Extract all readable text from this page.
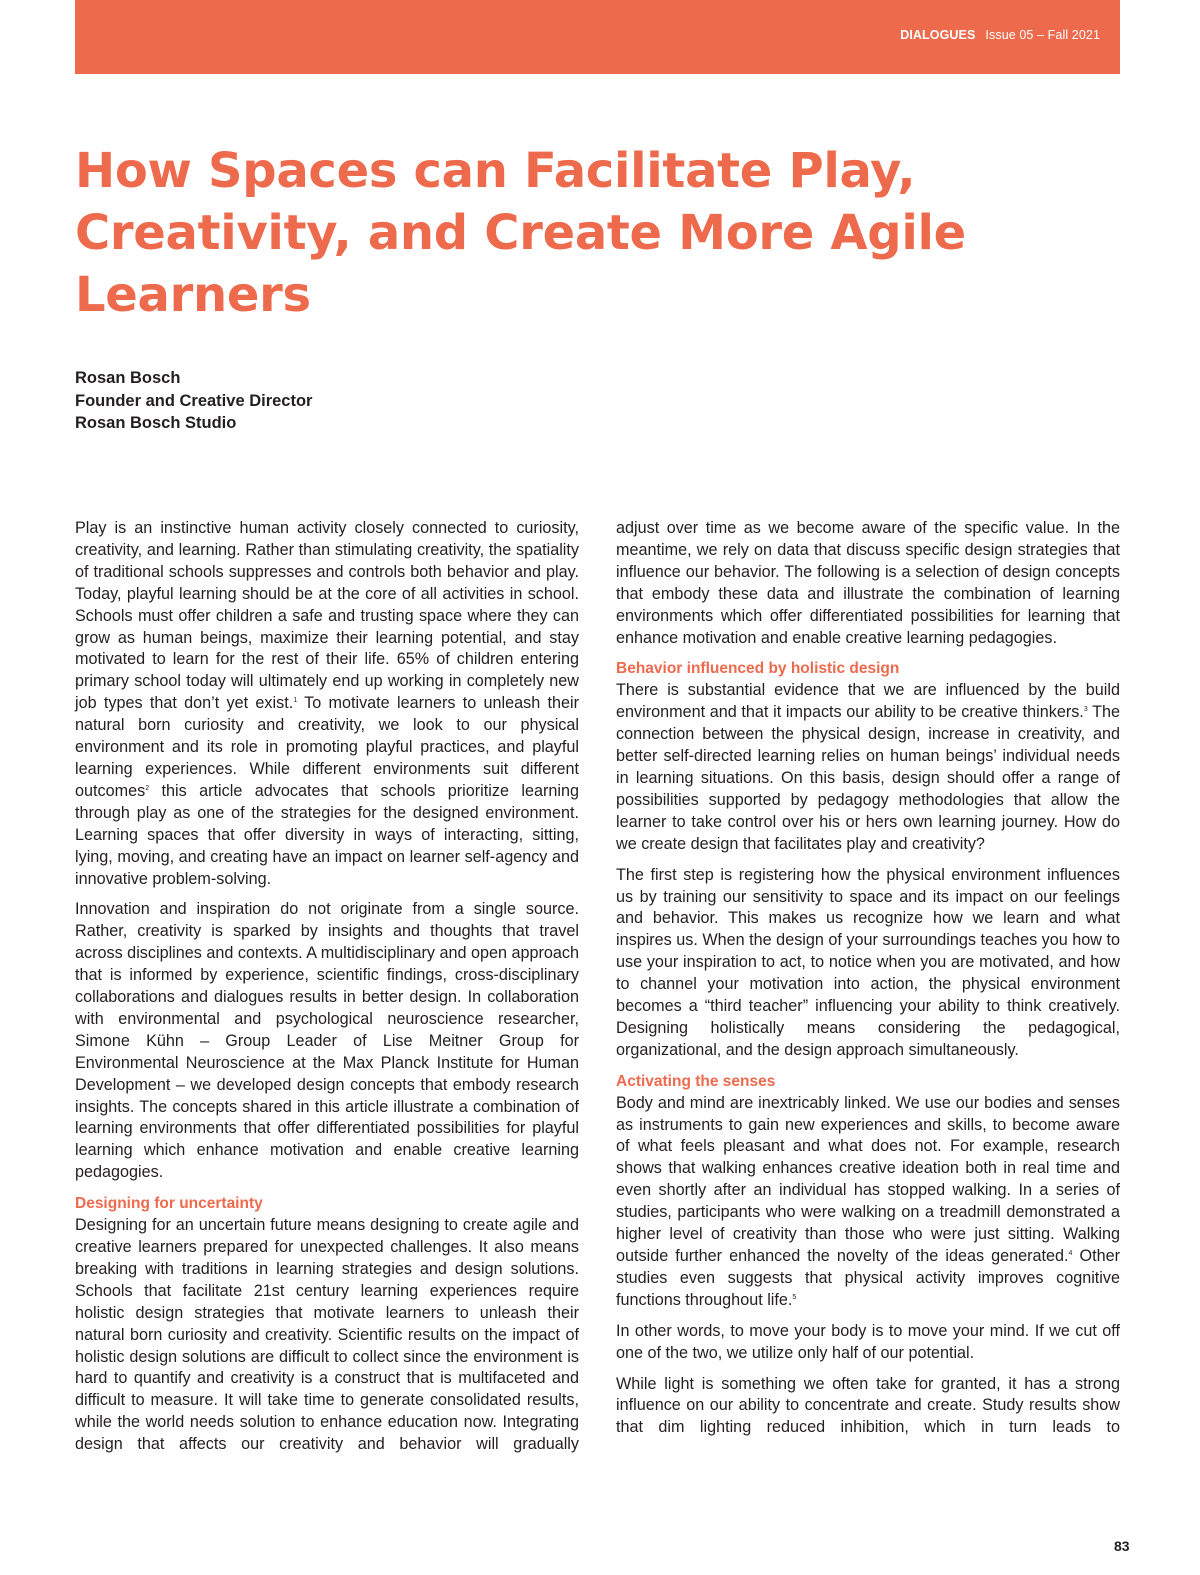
DIALOGUES Issue 05 – Fall 2021
How Spaces can Facilitate Play, Creativity, and Create More Agile Learners
Rosan Bosch
Founder and Creative Director
Rosan Bosch Studio

Play is an instinctive human activity closely connected to curiosity, creativity, and learning. Rather than stimulating creativity, the spatiality of traditional schools suppresses and controls both behavior and play. Today, playful learning should be at the core of all activities in school. Schools must offer children a safe and trusting space where they can grow as human beings, maximize their learning potential, and stay motivated to learn for the rest of their life. 65% of children entering primary school today will ultimately end up working in completely new job types that don’t yet exist.$^1$ To motivate learners to unleash their natural born curiosity and creativity, we look to our physical environment and its role in promoting playful practices, and playful learning experiences. While different environments suit different outcomes$^2$ this article advocates that schools prioritize learning through play as one of the strategies for the designed environment. Learning spaces that offer diversity in ways of interacting, sitting, lying, moving, and creating have an impact on learner self-agency and innovative problem-solving.

Innovation and inspiration do not originate from a single source. Rather, creativity is sparked by insights and thoughts that travel across disciplines and contexts. A multidisciplinary and open approach that is informed by experience, scientific findings, cross-disciplinary collaborations and dialogues results in better design. In collaboration with environmental and psychological neuroscience researcher, Simone Kühn – Group Leader of Lise Meitner Group for Environmental Neuroscience at the Max Planck Institute for Human Development – we developed design concepts that embody research insights. The concepts shared in this article illustrate a combination of learning environments that offer differentiated possibilities for playful learning which enhance motivation and enable creative learning pedagogies.

Designing for uncertainty

Designing for an uncertain future means designing to create agile and creative learners prepared for unexpected challenges. It also means breaking with traditions in learning strategies and design solutions. Schools that facilitate 21st century learning experiences require holistic design strategies that motivate learners to unleash their natural born curiosity and creativity. Scientific results on the impact of holistic design solutions are difficult to collect since the environment is hard to quantify and creativity is a construct that is multifaceted and difficult to measure. It will take time to generate consolidated results, while the world needs solution to enhance education now. Integrating design that affects our creativity and behavior will gradually

adjust over time as we become aware of the specific value. In the meantime, we rely on data that discuss specific design strategies that influence our behavior. The following is a selection of design concepts that embody these data and illustrate the combination of learning environments which offer differentiated possibilities for learning that enhance motivation and enable creative learning pedagogies.

Behavior influenced by holistic design

There is substantial evidence that we are influenced by the build environment and that it impacts our ability to be creative thinkers.$^3$ The connection between the physical design, increase in creativity, and better self-directed learning relies on human beings’ individual needs in learning situations. On this basis, design should offer a range of possibilities supported by pedagogy methodologies that allow the learner to take control over his or hers own learning journey. How do we create design that facilitates play and creativity?

The first step is registering how the physical environment influences us by training our sensitivity to space and its impact on our feelings and behavior. This makes us recognize how we learn and what inspires us. When the design of your surroundings teaches you how to use your inspiration to act, to notice when you are motivated, and how to channel your motivation into action, the physical environment becomes a “third teacher” influencing your ability to think creatively. Designing holistically means considering the pedagogical, organizational, and the design approach simultaneously.

Activating the senses

Body and mind are inextricably linked. We use our bodies and senses as instruments to gain new experiences and skills, to become aware of what feels pleasant and what does not. For example, research shows that walking enhances creative ideation both in real time and even shortly after an individual has stopped walking. In a series of studies, participants who were walking on a treadmill demonstrated a higher level of creativity than those who were just sitting. Walking outside further enhanced the novelty of the ideas generated.$^4$ Other studies even suggests that physical activity improves cognitive functions throughout life.$^5$

In other words, to move your body is to move your mind. If we cut off one of the two, we utilize only half of our potential.

While light is something we often take for granted, it has a strong influence on our ability to concentrate and create. Study results show that dim lighting reduced inhibition, which in turn leads to

83
